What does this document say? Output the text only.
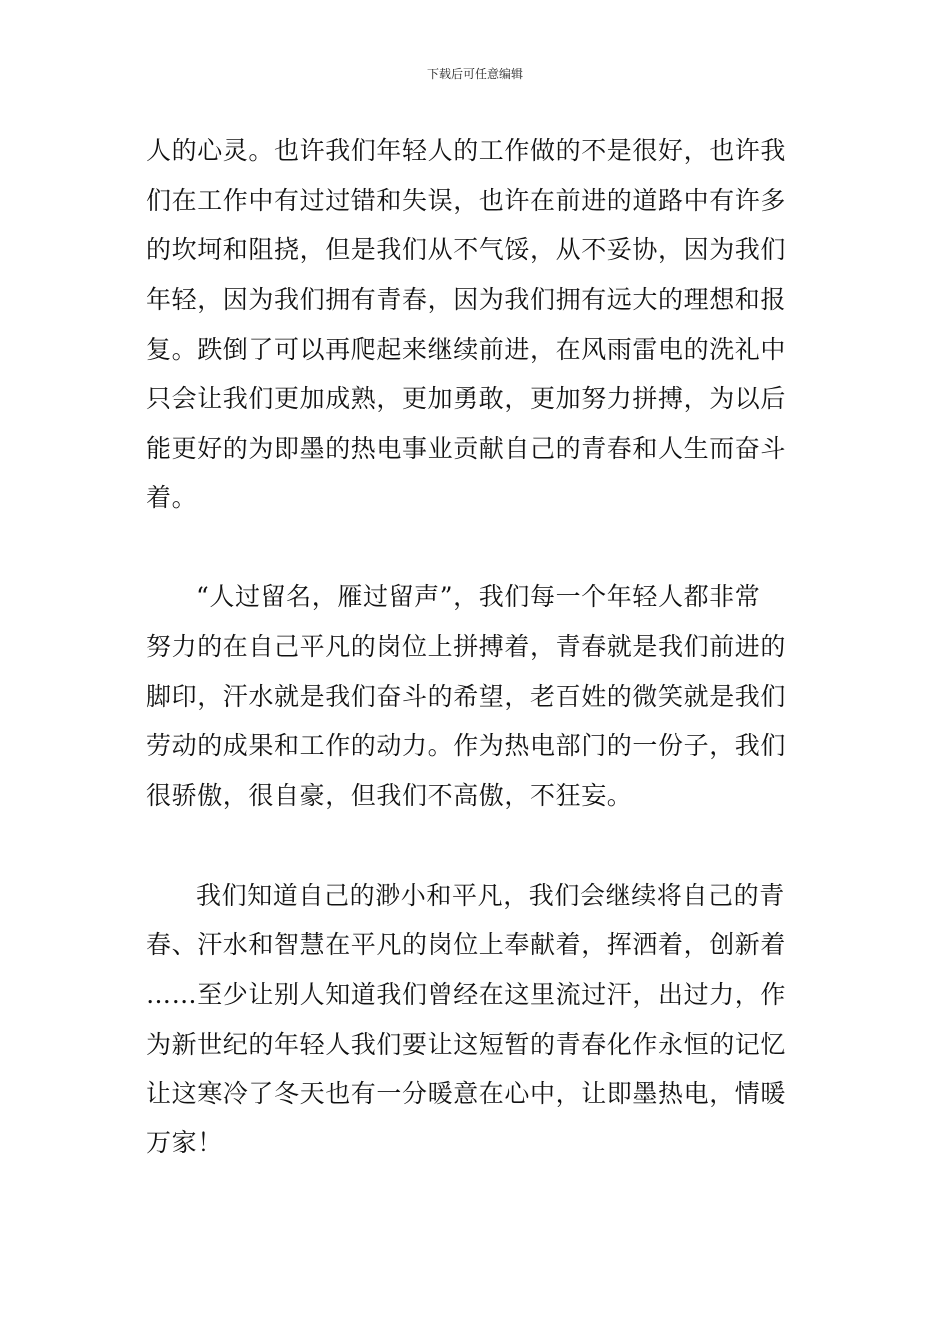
下载后可任意编辑
人的心灵。也许我们年轻人的工作做的不是很好，也许我
们在工作中有过过错和失误，也许在前进的道路中有许多
的坎坷和阻挠，但是我们从不气馁，从不妥协，因为我们
年轻，因为我们拥有青春，因为我们拥有远大的理想和报
复。跌倒了可以再爬起来继续前进，在风雨雷电的洗礼中
只会让我们更加成熟，更加勇敢，更加努力拼搏，为以后
能更好的为即墨的热电事业贡献自己的青春和人生而奋斗
着。
“人过留名，雁过留声”，我们每一个年轻人都非常
努力的在自己平凡的岗位上拼搏着，青春就是我们前进的
脚印，汗水就是我们奋斗的希望，老百姓的微笑就是我们
劳动的成果和工作的动力。作为热电部门的一份子，我们
很骄傲，很自豪，但我们不高傲，不狂妄。
我们知道自己的渺小和平凡，我们会继续将自己的青
春、汗水和智慧在平凡的岗位上奉献着，挥洒着，创新着
……至少让别人知道我们曾经在这里流过汗，出过力，作
为新世纪的年轻人我们要让这短暂的青春化作永恒的记忆
让这寒冷了冬天也有一分暖意在心中，让即墨热电，情暖
万家！
